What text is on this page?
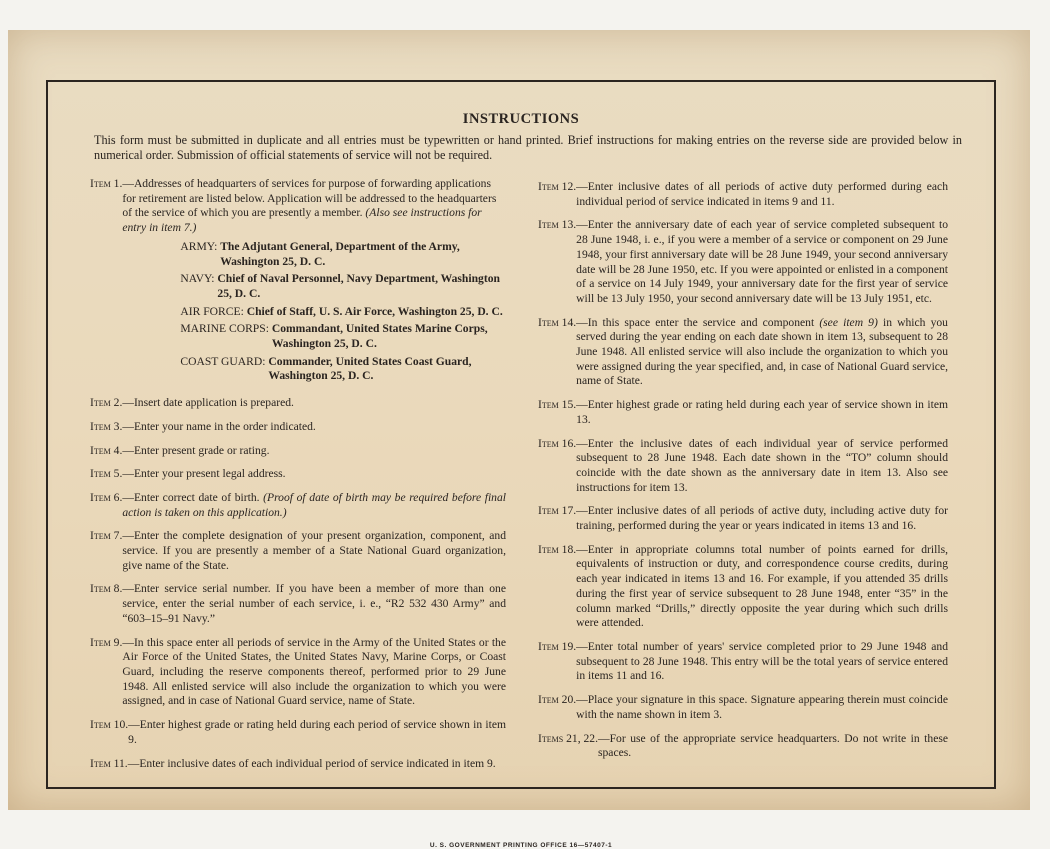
INSTRUCTIONS
This form must be submitted in duplicate and all entries must be typewritten or hand printed. Brief instructions for making entries on the reverse side are provided below in numerical order. Submission of official statements of service will not be required.
Item 1. —Addresses of headquarters of services for purpose of forwarding applications for retirement are listed below. Application will be addressed to the headquarters of the service of which you are presently a member. (Also see instructions for entry in item 7.)
ARMY:
The Adjutant General, Department of the Army, Washington 25, D. C.
NAVY:
Chief of Naval Personnel, Navy Department, Washington 25, D. C.
AIR FORCE:
Chief of Staff, U. S. Air Force, Washington 25, D. C.
MARINE CORPS:
Commandant, United States Marine Corps, Washington 25, D. C.
COAST GUARD:
Commander, United States Coast Guard, Washington 25, D. C.
Item 2. —Insert date application is prepared.
Item 3. —Enter your name in the order indicated.
Item 4. —Enter present grade or rating.
Item 5. —Enter your present legal address.
Item 6. —Enter correct date of birth. (Proof of date of birth may be required before final action is taken on this application.)
Item 7. —Enter the complete designation of your present organization, component, and service. If you are presently a member of a State National Guard organization, give name of the State.
Item 8. —Enter service serial number. If you have been a member of more than one service, enter the serial number of each service, i. e., “R2 532 430 Army” and “603–15–91 Navy.”
Item 9. —In this space enter all periods of service in the Army of the United States or the Air Force of the United States, the United States Navy, Marine Corps, or Coast Guard, including the reserve components thereof, performed prior to 29 June 1948. All enlisted service will also include the organization to which you were assigned, and in case of National Guard service, name of State.
Item 10. —Enter highest grade or rating held during each period of service shown in item 9.
Item 11. —Enter inclusive dates of each individual period of service indicated in item 9.
Item 12. —Enter inclusive dates of all periods of active duty performed during each individual period of service indicated in items 9 and 11.
Item 13. —Enter the anniversary date of each year of service completed subsequent to 28 June 1948, i. e., if you were a member of a service or component on 29 June 1948, your first anniversary date will be 28 June 1949, your second anniversary date will be 28 June 1950, etc. If you were appointed or enlisted in a component of a service on 14 July 1949, your anniversary date for the first year of service will be 13 July 1950, your second anniversary date will be 13 July 1951, etc.
Item 14. —In this space enter the service and component (see item 9) in which you served during the year ending on each date shown in item 13, subsequent to 28 June 1948. All enlisted service will also include the organization to which you were assigned during the year specified, and, in case of National Guard service, name of State.
Item 15. —Enter highest grade or rating held during each year of service shown in item 13.
Item 16. —Enter the inclusive dates of each individual year of service performed subsequent to 28 June 1948. Each date shown in the “TO” column should coincide with the date shown as the anniversary date in item 13. Also see instructions for item 13.
Item 17. —Enter inclusive dates of all periods of active duty, including active duty for training, performed during the year or years indicated in items 13 and 16.
Item 18. —Enter in appropriate columns total number of points earned for drills, equivalents of instruction or duty, and correspondence course credits, during each year indicated in items 13 and 16. For example, if you attended 35 drills during the first year of service subsequent to 28 June 1948, enter “35” in the column marked “Drills,” directly opposite the year during which such drills were attended.
Item 19. —Enter total number of years' service completed prior to 29 June 1948 and subsequent to 28 June 1948. This entry will be the total years of service entered in items 11 and 16.
Item 20. —Place your signature in this space. Signature appearing therein must coincide with the name shown in item 3.
Items 21, 22. —For use of the appropriate service headquarters. Do not write in these spaces.
U. S. GOVERNMENT PRINTING OFFICE 16—57407-1
